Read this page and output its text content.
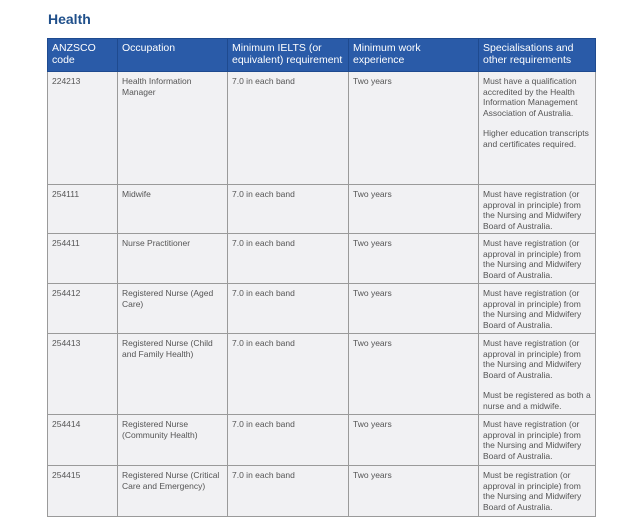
Health
ANZSCO code	Occupation	Minimum IELTS (or equivalent) requirement	Minimum work experience	Specialisations and other requirements
224213	Health Information Manager	7.0 in each band	Two years	Must have a qualification accredited by the Health Information Management Association of Australia.
Higher education transcripts and certificates required.

254111	Midwife	7.0 in each band	Two years	Must have registration (or approval in principle) from the Nursing and Midwifery Board of Australia.

254411	Nurse Practitioner	7.0 in each band	Two years	Must have registration (or approval in principle) from the Nursing and Midwifery Board of Australia.

254412	Registered Nurse (Aged Care)	7.0 in each band	Two years	Must have registration (or approval in principle) from the Nursing and Midwifery Board of Australia.

254413	Registered Nurse (Child and Family Health)	7.0 in each band	Two years	Must have registration (or approval in principle) from the Nursing and Midwifery Board of Australia.
Must be registered as both a nurse and a midwife.

254414	Registered Nurse (Community Health)	7.0 in each band	Two years	Must have registration (or approval in principle) from the Nursing and Midwifery Board of Australia.

254415	Registered Nurse (Critical Care and Emergency)	7.0 in each band	Two years	Must be registration (or approval in principle) from the Nursing and Midwifery Board of Australia.
